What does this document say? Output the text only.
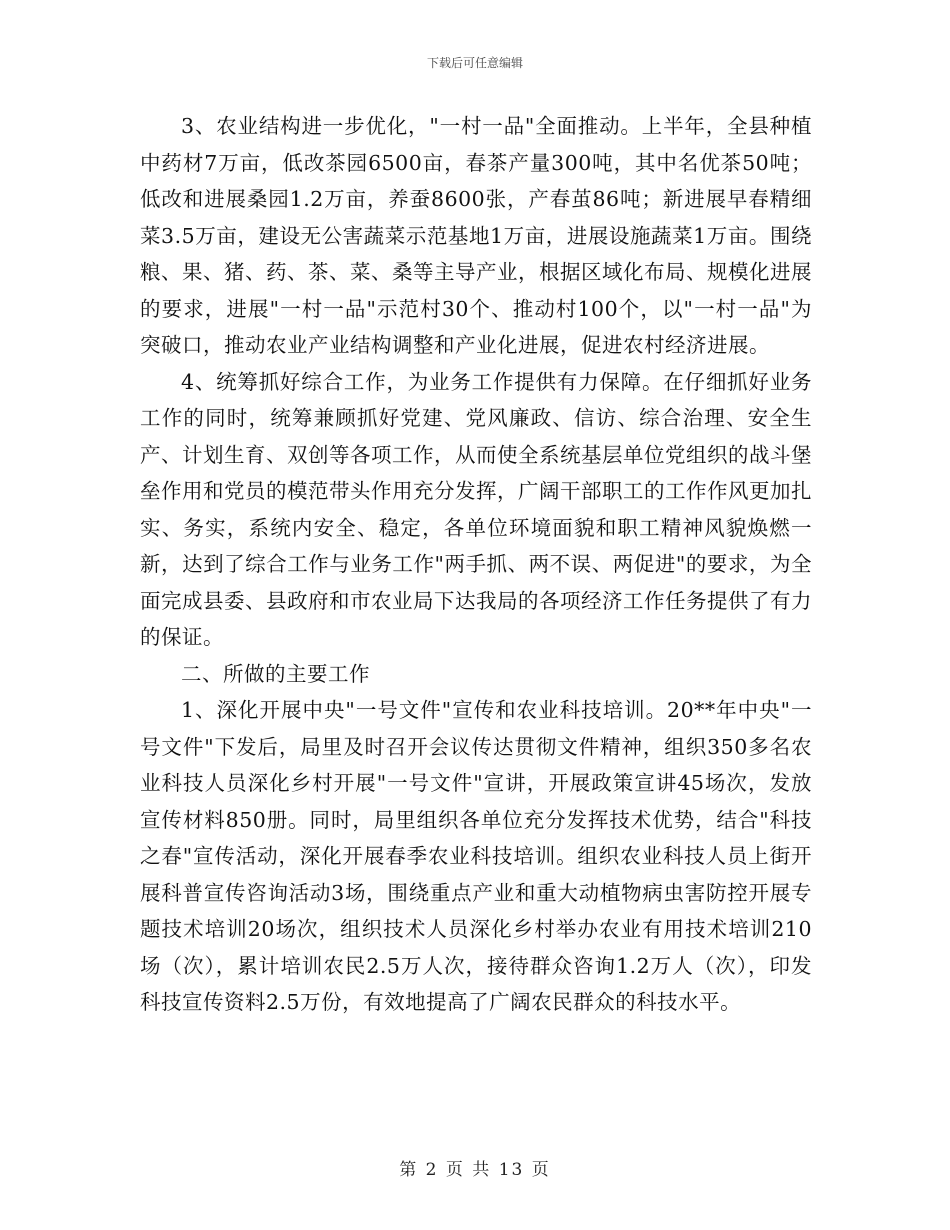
下载后可任意编辑

3、农业结构进一步优化，"一村一品"全面推动。上半年，全县种植中药材7万亩，低改茶园6500亩，春茶产量300吨，其中名优茶50吨；低改和进展桑园1.2万亩，养蚕8600张，产春茧86吨；新进展早春精细菜3.5万亩，建设无公害蔬菜示范基地1万亩，进展设施蔬菜1万亩。围绕粮、果、猪、药、茶、菜、桑等主导产业，根据区域化布局、规模化进展的要求，进展"一村一品"示范村30个、推动村100个，以"一村一品"为突破口，推动农业产业结构调整和产业化进展，促进农村经济进展。

4、统筹抓好综合工作，为业务工作提供有力保障。在仔细抓好业务工作的同时，统筹兼顾抓好党建、党风廉政、信访、综合治理、安全生产、计划生育、双创等各项工作，从而使全系统基层单位党组织的战斗堡垒作用和党员的模范带头作用充分发挥，广阔干部职工的工作作风更加扎实、务实，系统内安全、稳定，各单位环境面貌和职工精神风貌焕燃一新，达到了综合工作与业务工作"两手抓、两不误、两促进"的要求，为全面完成县委、县政府和市农业局下达我局的各项经济工作任务提供了有力的保证。

二、所做的主要工作

1、深化开展中央"一号文件"宣传和农业科技培训。20**年中央"一号文件"下发后，局里及时召开会议传达贯彻文件精神，组织350多名农业科技人员深化乡村开展"一号文件"宣讲，开展政策宣讲45场次，发放宣传材料850册。同时，局里组织各单位充分发挥技术优势，结合"科技之春"宣传活动，深化开展春季农业科技培训。组织农业科技人员上街开展科普宣传咨询活动3场，围绕重点产业和重大动植物病虫害防控开展专题技术培训20场次，组织技术人员深化乡村举办农业有用技术培训210场（次），累计培训农民2.5万人次，接待群众咨询1.2万人（次），印发科技宣传资料2.5万份，有效地提高了广阔农民群众的科技水平。

第 2 页 共 13 页
